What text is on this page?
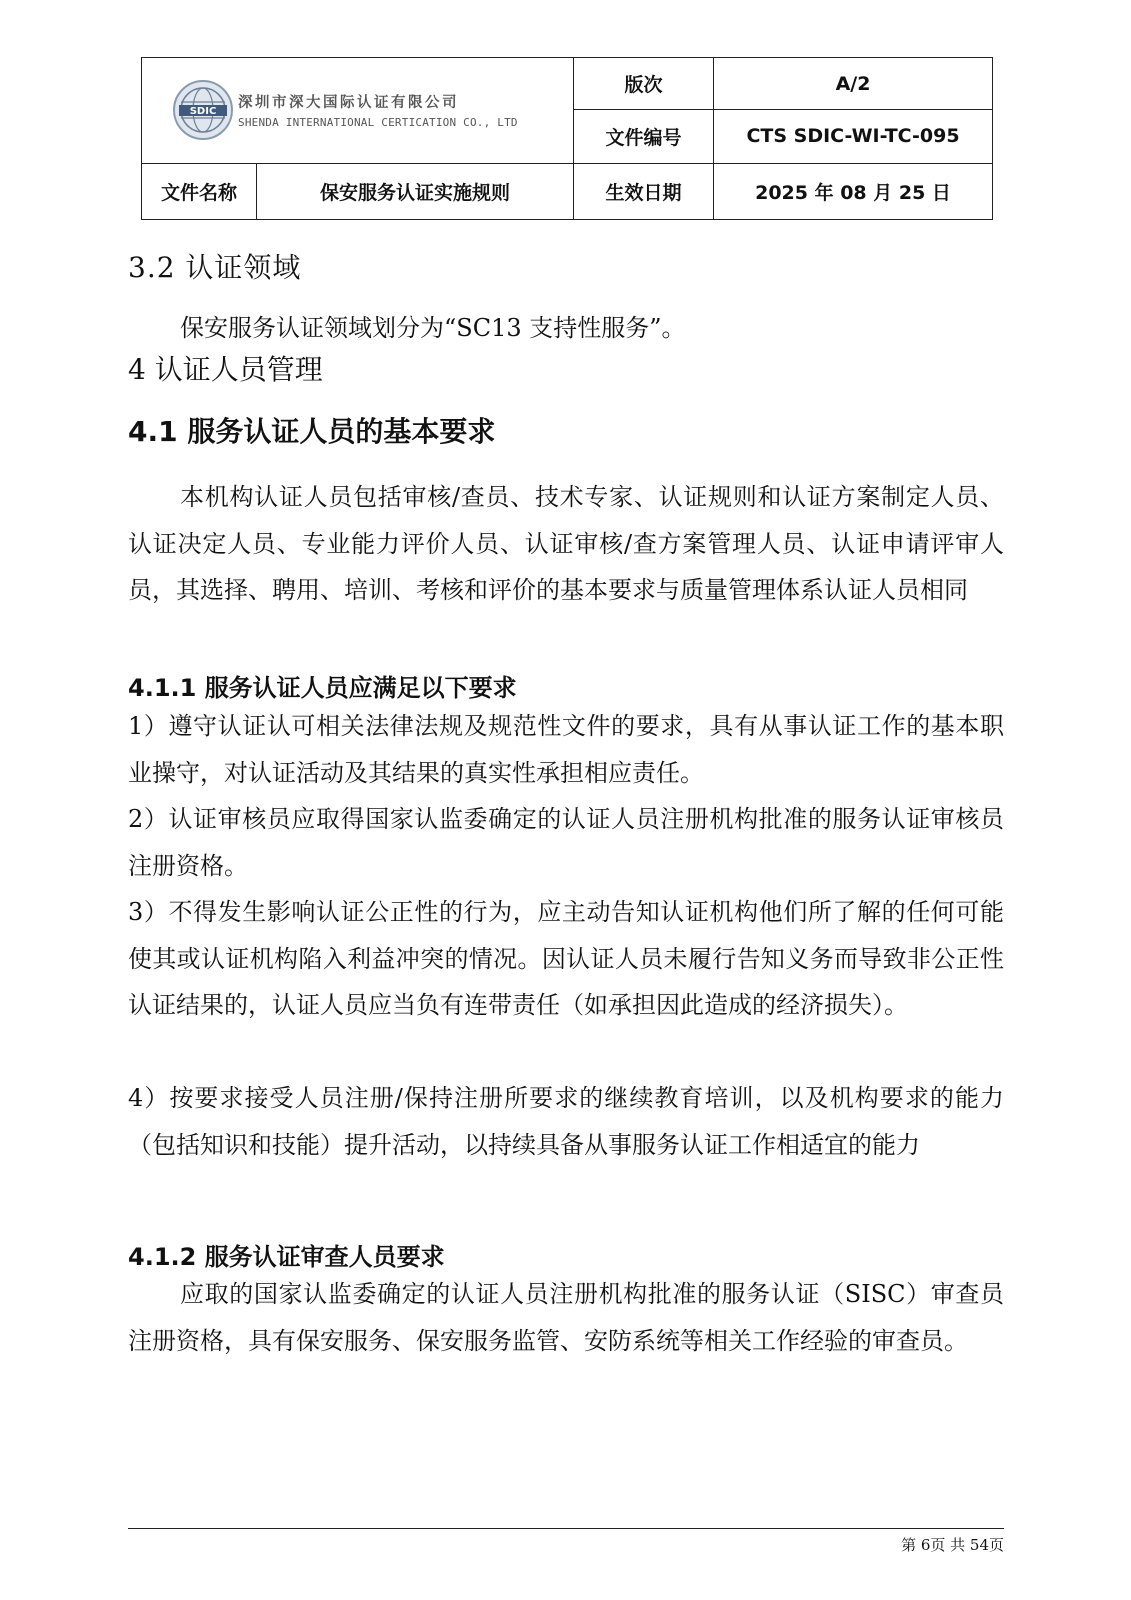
SDIC
深圳市深大国际认证有限公司
SHENDA INTERNATIONAL CERTICATION CO., LTD		版次	A/2
		文件编号	CTS SDIC-WI-TC-095
文件名称	保安服务认证实施规则	生效日期	2025 年 08 月 25 日
3.2 认证领域
保安服务认证领域划分为“SC13 支持性服务”。
4 认证人员管理
4.1 服务认证人员的基本要求
本机构认证人员包括审核/查员、技术专家、认证规则和认证方案制定人员、认证决定人员、专业能力评价人员、认证审核/查方案管理人员、认证申请评审人员，其选择、聘用、培训、考核和评价的基本要求与质量管理体系认证人员相同
4.1.1 服务认证人员应满足以下要求
1）遵守认证认可相关法律法规及规范性文件的要求，具有从事认证工作的基本职业操守，对认证活动及其结果的真实性承担相应责任。
2）认证审核员应取得国家认监委确定的认证人员注册机构批准的服务认证审核员注册资格。
3）不得发生影响认证公正性的行为，应主动告知认证机构他们所了解的任何可能使其或认证机构陷入利益冲突的情况。因认证人员未履行告知义务而导致非公正性认证结果的，认证人员应当负有连带责任（如承担因此造成的经济损失）。
4）按要求接受人员注册/保持注册所要求的继续教育培训，以及机构要求的能力（包括知识和技能）提升活动，以持续具备从事服务认证工作相适宜的能力
4.1.2 服务认证审查人员要求
应取的国家认监委确定的认证人员注册机构批准的服务认证（SISC）审查员注册资格，具有保安服务、保安服务监管、安防系统等相关工作经验的审查员。
第 6页 共 54页
